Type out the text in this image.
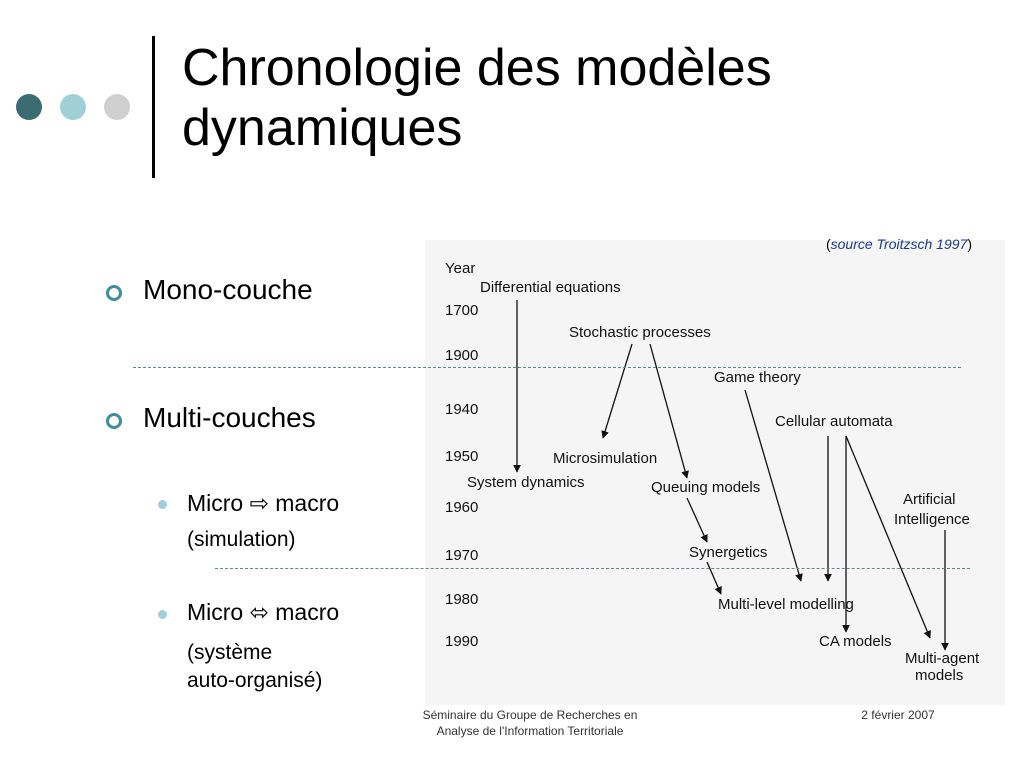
Chronologie des modèles
dynamiques
Mono-couche
Multi-couches
Micro ⇨ macro
(simulation)
Micro ⬄ macro
(système
auto-organisé)
Year
1700
1900
1940
1950
1960
1970
1980
1990
Differential equations
Stochastic processes
Game theory
Cellular automata
Microsimulation
System dynamics	Queuing models
Artificial
Intelligence
Synergetics
Multi-level modelling
CA models
Multi-agent
models
(source Troitzsch 1997)
Séminaire du Groupe de Recherches en
Analyse de l'Information Territoriale
2 février 2007
